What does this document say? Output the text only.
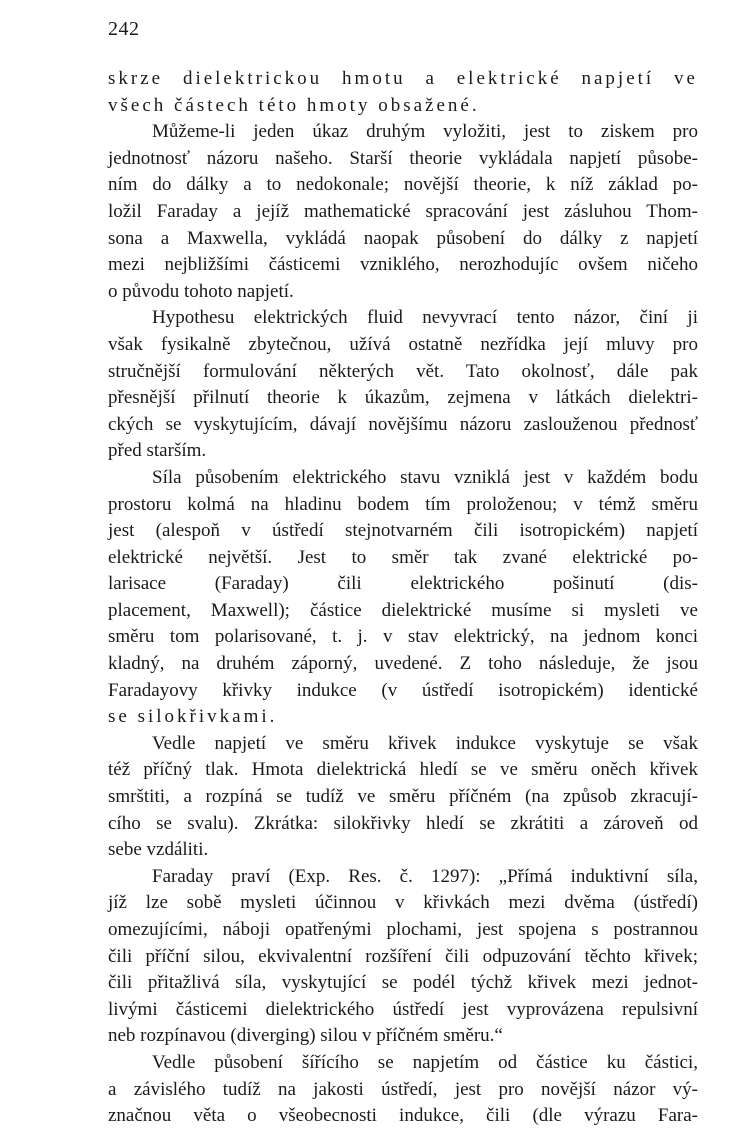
242
skrze dielektrickou hmotu a elektrické napjetí ve
všech částech této hmoty obsažené.
Můžeme-li jeden úkaz druhým vyložiti, jest to ziskem pro
jednotnosť názoru našeho. Starší theorie vykládala napjetí působe-
ním do dálky a to nedokonale; novější theorie, k níž základ po-
ložil Faraday a jejíž mathematické spracování jest zásluhou Thom-
sona a Maxwella, vykládá naopak působení do dálky z napjetí
mezi nejbližšími částicemi vzniklého, nerozhodujíc ovšem ničeho
o původu tohoto napjetí.
Hypothesu elektrických fluid nevyvrací tento názor, činí ji
však fysikalně zbytečnou, užívá ostatně nezřídka její mluvy pro
stručnější formulování některých vět. Tato okolnosť, dále pak
přesnější přilnutí theorie k úkazům, zejmena v látkách dielektri-
ckých se vyskytujícím, dávají novějšímu názoru zaslouženou přednosť
před starším.
Síla působením elektrického stavu vzniklá jest v každém bodu
prostoru kolmá na hladinu bodem tím proloženou; v témž směru
jest (alespoň v ústředí stejnotvarném čili isotropickém) napjetí
elektrické největší. Jest to směr tak zvané elektrické po-
larisace (Faraday) čili elektrického pošinutí (dis-
placement, Maxwell); částice dielektrické musíme si mysleti ve
směru tom polarisované, t. j. v stav elektrický, na jednom konci
kladný, na druhém záporný, uvedené. Z toho následuje, že jsou
Faradayovy křivky indukce (v ústředí isotropickém) identické
se silokřivkami.
Vedle napjetí ve směru křivek indukce vyskytuje se však
též příčný tlak. Hmota dielektrická hledí se ve směru oněch křivek
smrštiti, a rozpíná se tudíž ve směru příčném (na způsob zkracují-
cího se svalu). Zkrátka: silokřivky hledí se zkrátiti a zároveň od
sebe vzdáliti.
Faraday praví (Exp. Res. č. 1297): „Přímá induktivní síla,
jíž lze sobě mysleti účinnou v křivkách mezi dvěma (ústředí)
omezujícími, náboji opatřenými plochami, jest spojena s postrannou
čili příční silou, ekvivalentní rozšíření čili odpuzování těchto křivek;
čili přitažlivá síla, vyskytující se podél týchž křivek mezi jednot-
livými částicemi dielektrického ústředí jest vyprovázena repulsivní
neb rozpínavou (diverging) silou v příčném směru.“
Vedle působení šířícího se napjetím od částice ku částici,
a závislého tudíž na jakosti ústředí, jest pro novější názor vý-
značnou věta o všeobecnosti indukce, čili (dle výrazu Fara-
